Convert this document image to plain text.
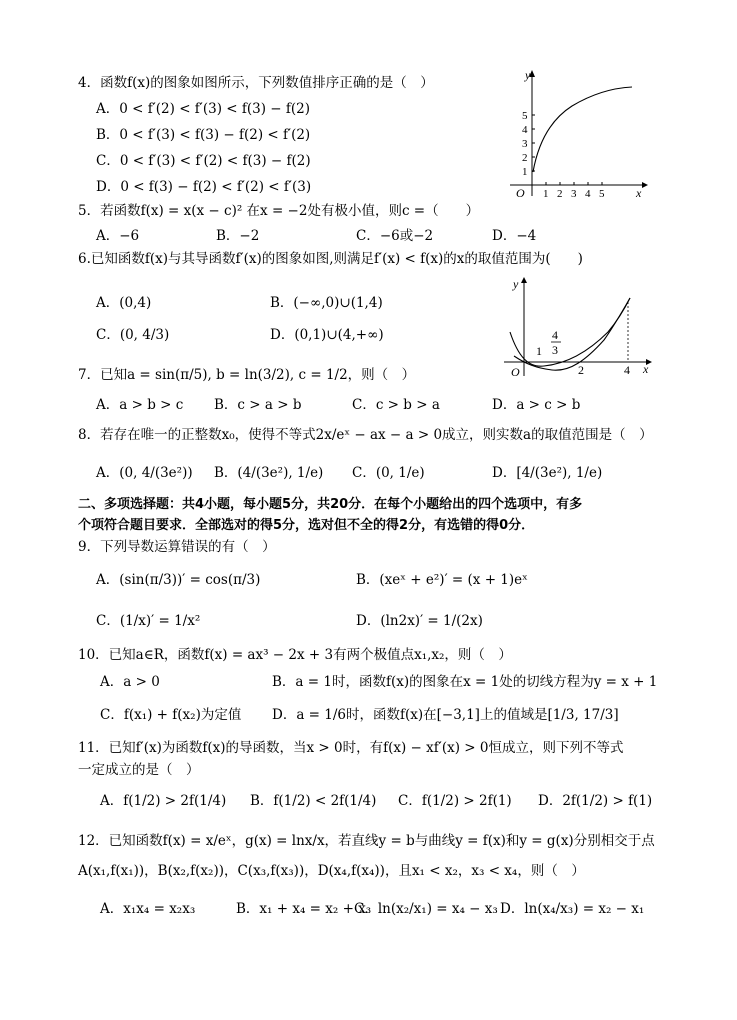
4．函数f(x)的图象如图所示，下列数值排序正确的是（　）
A．0 < f′(2) < f′(3) < f(3) − f(2)
B．0 < f′(3) < f(3) − f(2) < f′(2)
C．0 < f′(3) < f′(2) < f(3) − f(2)
D．0 < f(3) − f(2) < f′(2) < f′(3)
y
x
O 1 2 3 4 5
1
2
3
4
5
5．若函数f(x) = x(x − c)² 在x = −2处有极小值，则c =（　　）
A．−6	B．−2	C．−6或−2	D．−4
6.已知函数f(x)与其导函数f′(x)的图象如图,则满足f′(x) < f(x)的x的取值范围为(　　)
A．(0,4)	B．(−∞,0)∪(1,4)
C．(0, 4/3)	D．(0,1)∪(4,+∞)
y
x
O
1
4
3
2	4
7．已知a = sin(π/5), b = ln(3/2), c = 1/2，则（　）
A．a > b > c B．c > a > b	C．c > b > a	D．a > c > b
8．若存在唯一的正整数x₀，使得不等式2x/eˣ − ax − a > 0成立，则实数a的取值范围是（　）
A．(0, 4/(3e²)) B．(4/(3e²), 1/e) C．(0, 1/e)	D．[4/(3e²), 1/e)
二、多项选择题：共4小题，每小题5分，共20分．在每个小题给出的四个选项中，有多
个项符合题目要求．全部选对的得5分，选对但不全的得2分，有选错的得0分．
9．下列导数运算错误的有（　）
A．(sin(π/3))′ = cos(π/3)	B．(xeˣ + e²)′ = (x + 1)eˣ
C．(1/x)′ = 1/x²	D．(ln2x)′ = 1/(2x)
10．已知a∈R，函数f(x) = ax³ − 2x + 3有两个极值点x₁,x₂，则（　）
A．a > 0	B．a = 1时，函数f(x)的图象在x = 1处的切线方程为y = x + 1
C．f(x₁) + f(x₂)为定值 D．a = 1/6时，函数f(x)在[−3,1]上的值域是[1/3, 17/3]
11．已知f′(x)为函数f(x)的导函数，当x > 0时，有f(x) − xf′(x) > 0恒成立，则下列不等式
一定成立的是（　）
A．f(1/2) > 2f(1/4) B．f(1/2) < 2f(1/4) C．f(1/2) > 2f(1) D．2f(1/2) > f(1)
12．已知函数f(x) = x/eˣ，g(x) = lnx/x，若直线y = b与曲线y = f(x)和y = g(x)分别相交于点
A(x₁,f(x₁))，B(x₂,f(x₂))，C(x₃,f(x₃))，D(x₄,f(x₄))，且x₁ < x₂，x₃ < x₄，则（　）
A．x₁x₄ = x₂x₃	B．x₁ + x₄ = x₂ + x₃
C．ln(x₂/x₁) = x₄ − x₃ D．ln(x₄/x₃) = x₂ − x₁
